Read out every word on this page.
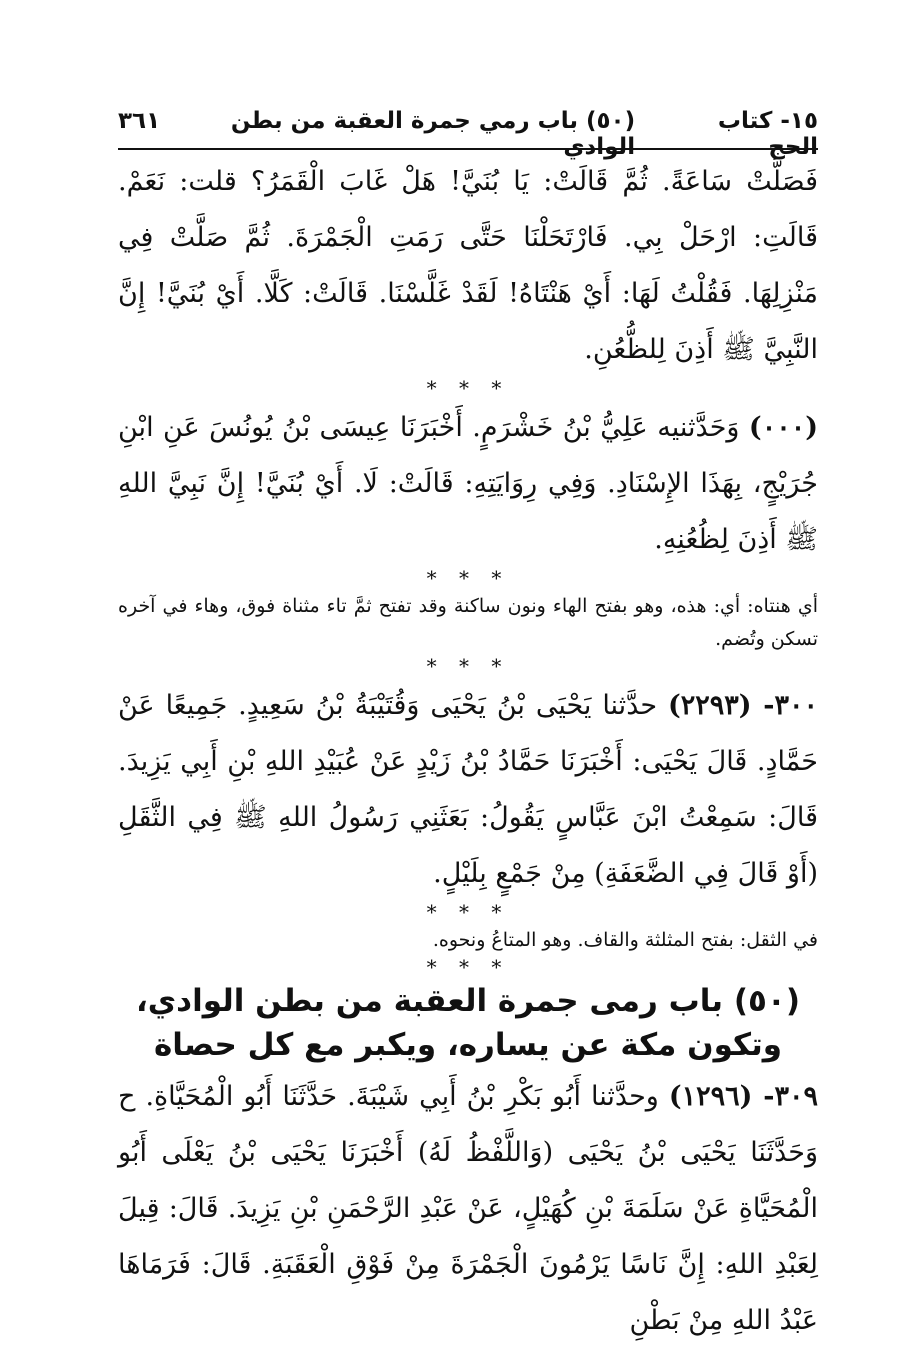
١٥- كتاب الحج
(٥٠) باب رمي جمرة العقبة من بطن الوادي
٣٦١

فَصَلَّتْ سَاعَةً. ثُمَّ قَالَتْ: يَا بُنَيَّ! هَلْ غَابَ الْقَمَرُ؟ قلت: نَعَمْ. قَالَتِ: ارْحَلْ بِي. فَارْتَحَلْنَا حَتَّى رَمَتِ الْجَمْرَةَ. ثُمَّ صَلَّتْ فِي مَنْزِلِهَا. فَقُلْتُ لَهَا: أَيْ هَنْتَاهُ! لَقَدْ غَلَّسْنَا. قَالَتْ: كَلَّا. أَيْ بُنَيَّ! إِنَّ النَّبِيَّ ﷺ أَذِنَ لِلظُّعُنِ.

* * *

(٠٠٠) وَحَدَّثنيه عَلِيُّ بْنُ خَشْرَمٍ. أَخْبَرَنَا عِيسَى بْنُ يُونُسَ عَنِ ابْنِ جُرَيْجٍ، بِهَذَا الإِسْنَادِ. وَفِي رِوَايَتِهِ: قَالَتْ: لَا. أَيْ بُنَيَّ! إِنَّ نَبِيَّ اللهِ ﷺ أَذِنَ لِظُعُنِهِ.

* * *

أي هنتاه: أي: هذه، وهو بفتح الهاء ونون ساكنة وقد تفتح ثمَّ تاء مثناة فوق، وهاء في آخره تسكن وتُضم.

* * *

٣٠٠- (٢٢٩٣) حدَّثنا يَحْيَى بْنُ يَحْيَى وَقُتَيْبَةُ بْنُ سَعِيدٍ. جَمِيعًا عَنْ حَمَّادٍ. قَالَ يَحْيَى: أَخْبَرَنَا حَمَّادُ بْنُ زَيْدٍ عَنْ عُبَيْدِ اللهِ بْنِ أَبِي يَزِيدَ. قَالَ: سَمِعْتُ ابْنَ عَبَّاسٍ يَقُولُ: بَعَثَنِي رَسُولُ اللهِ ﷺ فِي الثَّقَلِ (أَوْ قَالَ فِي الضَّعَفَةِ) مِنْ جَمْعٍ بِلَيْلٍ.

* * *

في الثقل: بفتح المثلثة والقاف. وهو المتاعُ ونحوه.

* * *
(٥٠) باب رمى جمرة العقبة من بطن الوادي، وتكون مكة عن يساره، ويكبر مع كل حصاة

٣٠٩- (١٢٩٦) وحدَّثنا أَبُو بَكْرِ بْنُ أَبِي شَيْبَةَ. حَدَّثَنَا أَبُو الْمُحَيَّاةِ. ح وَحَدَّثَنَا يَحْيَى بْنُ يَحْيَى (وَاللَّفْظُ لَهُ) أَخْبَرَنَا يَحْيَى بْنُ يَعْلَى أَبُو الْمُحَيَّاةِ عَنْ سَلَمَةَ بْنِ كُهَيْلٍ، عَنْ عَبْدِ الرَّحْمَنِ بْنِ يَزِيدَ. قَالَ: قِيلَ لِعَبْدِ اللهِ: إِنَّ نَاسًا يَرْمُونَ الْجَمْرَةَ مِنْ فَوْقِ الْعَقَبَةِ. قَالَ: فَرَمَاهَا عَبْدُ اللهِ مِنْ بَطْنِ
